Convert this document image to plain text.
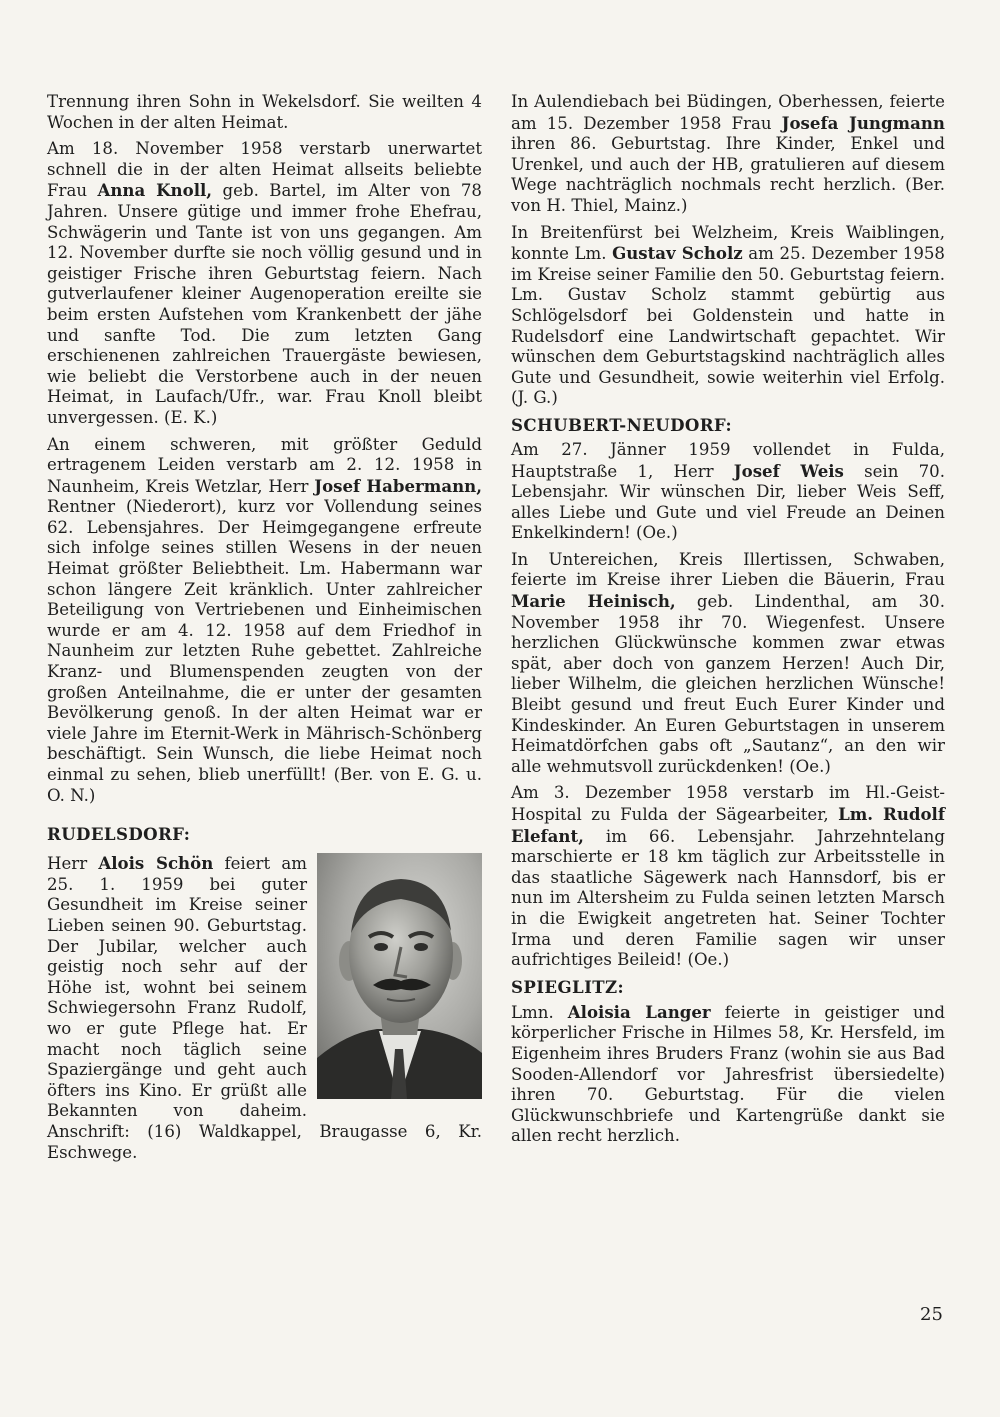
Trennung ihren Sohn in Wekelsdorf. Sie weilten 4 Wochen in der alten Heimat.

Am 18. November 1958 verstarb unerwartet schnell die in der alten Heimat allseits beliebte Frau Anna Knoll, geb. Bartel, im Alter von 78 Jahren. Unsere gütige und immer frohe Ehefrau, Schwägerin und Tante ist von uns gegangen. Am 12. November durfte sie noch völlig gesund und in geistiger Frische ihren Geburtstag feiern. Nach gutverlaufener kleiner Augenoperation ereilte sie beim ersten Aufstehen vom Krankenbett der jähe und sanfte Tod. Die zum letzten Gang erschienenen zahlreichen Trauergäste bewiesen, wie beliebt die Verstorbene auch in der neuen Heimat, in Laufach/Ufr., war. Frau Knoll bleibt unvergessen. (E. K.)

An einem schweren, mit größter Geduld ertragenem Leiden verstarb am 2. 12. 1958 in Naunheim, Kreis Wetzlar, Herr Josef Habermann, Rentner (Niederort), kurz vor Vollendung seines 62. Lebensjahres. Der Heimgegangene erfreute sich infolge seines stillen Wesens in der neuen Heimat größter Beliebtheit. Lm. Habermann war schon längere Zeit kränklich. Unter zahlreicher Beteiligung von Vertriebenen und Einheimischen wurde er am 4. 12. 1958 auf dem Friedhof in Naunheim zur letzten Ruhe gebettet. Zahlreiche Kranz- und Blumenspenden zeugten von der großen Anteilnahme, die er unter der gesamten Bevölkerung genoß. In der alten Heimat war er viele Jahre im Eternit-Werk in Mährisch-Schönberg beschäftigt. Sein Wunsch, die liebe Heimat noch einmal zu sehen, blieb unerfüllt! (Ber. von E. G. u. O. N.)

RUDELSDORF:

Herr Alois Schön feiert am 25. 1. 1959 bei guter Gesundheit im Kreise seiner Lieben seinen 90. Geburtstag. Der Jubilar, welcher auch geistig noch sehr auf der Höhe ist, wohnt bei seinem Schwiegersohn Franz Rudolf, wo er gute Pflege hat. Er macht noch täglich seine Spaziergänge und geht auch öfters ins Kino. Er grüßt alle Bekannten von daheim. Anschrift: (16) Waldkappel, Braugasse 6, Kr. Eschwege.

In Aulendiebach bei Büdingen, Oberhessen, feierte am 15. Dezember 1958 Frau Josefa Jungmann ihren 86. Geburtstag. Ihre Kinder, Enkel und Urenkel, und auch der HB, gratulieren auf diesem Wege nachträglich nochmals recht herzlich. (Ber. von H. Thiel, Mainz.)

In Breitenfürst bei Welzheim, Kreis Waiblingen, konnte Lm. Gustav Scholz am 25. Dezember 1958 im Kreise seiner Familie den 50. Geburtstag feiern. Lm. Gustav Scholz stammt gebürtig aus Schlögelsdorf bei Goldenstein und hatte in Rudelsdorf eine Landwirtschaft gepachtet. Wir wünschen dem Geburtstagskind nachträglich alles Gute und Gesundheit, sowie weiterhin viel Erfolg. (J. G.)

SCHUBERT-NEUDORF:

Am 27. Jänner 1959 vollendet in Fulda, Hauptstraße 1, Herr Josef Weis sein 70. Lebensjahr. Wir wünschen Dir, lieber Weis Seff, alles Liebe und Gute und viel Freude an Deinen Enkelkindern! (Oe.)

In Untereichen, Kreis Illertissen, Schwaben, feierte im Kreise ihrer Lieben die Bäuerin, Frau Marie Heinisch, geb. Lindenthal, am 30. November 1958 ihr 70. Wiegenfest. Unsere herzlichen Glückwünsche kommen zwar etwas spät, aber doch von ganzem Herzen! Auch Dir, lieber Wilhelm, die gleichen herzlichen Wünsche! Bleibt gesund und freut Euch Eurer Kinder und Kindeskinder. An Euren Geburtstagen in unserem Heimatdörfchen gabs oft „Sautanz“, an den wir alle wehmutsvoll zurückdenken! (Oe.)

Am 3. Dezember 1958 verstarb im Hl.-Geist-Hospital zu Fulda der Sägearbeiter, Lm. Rudolf Elefant, im 66. Lebensjahr. Jahrzehntelang marschierte er 18 km täglich zur Arbeitsstelle in das staatliche Sägewerk nach Hannsdorf, bis er nun im Altersheim zu Fulda seinen letzten Marsch in die Ewigkeit angetreten hat. Seiner Tochter Irma und deren Familie sagen wir unser aufrichtiges Beileid! (Oe.)

SPIEGLITZ:

Lmn. Aloisia Langer feierte in geistiger und körperlicher Frische in Hilmes 58, Kr. Hersfeld, im Eigenheim ihres Bruders Franz (wohin sie aus Bad Sooden-Allendorf vor Jahresfrist übersiedelte) ihren 70. Geburtstag. Für die vielen Glückwunschbriefe und Kartengrüße dankt sie allen recht herzlich.

25
